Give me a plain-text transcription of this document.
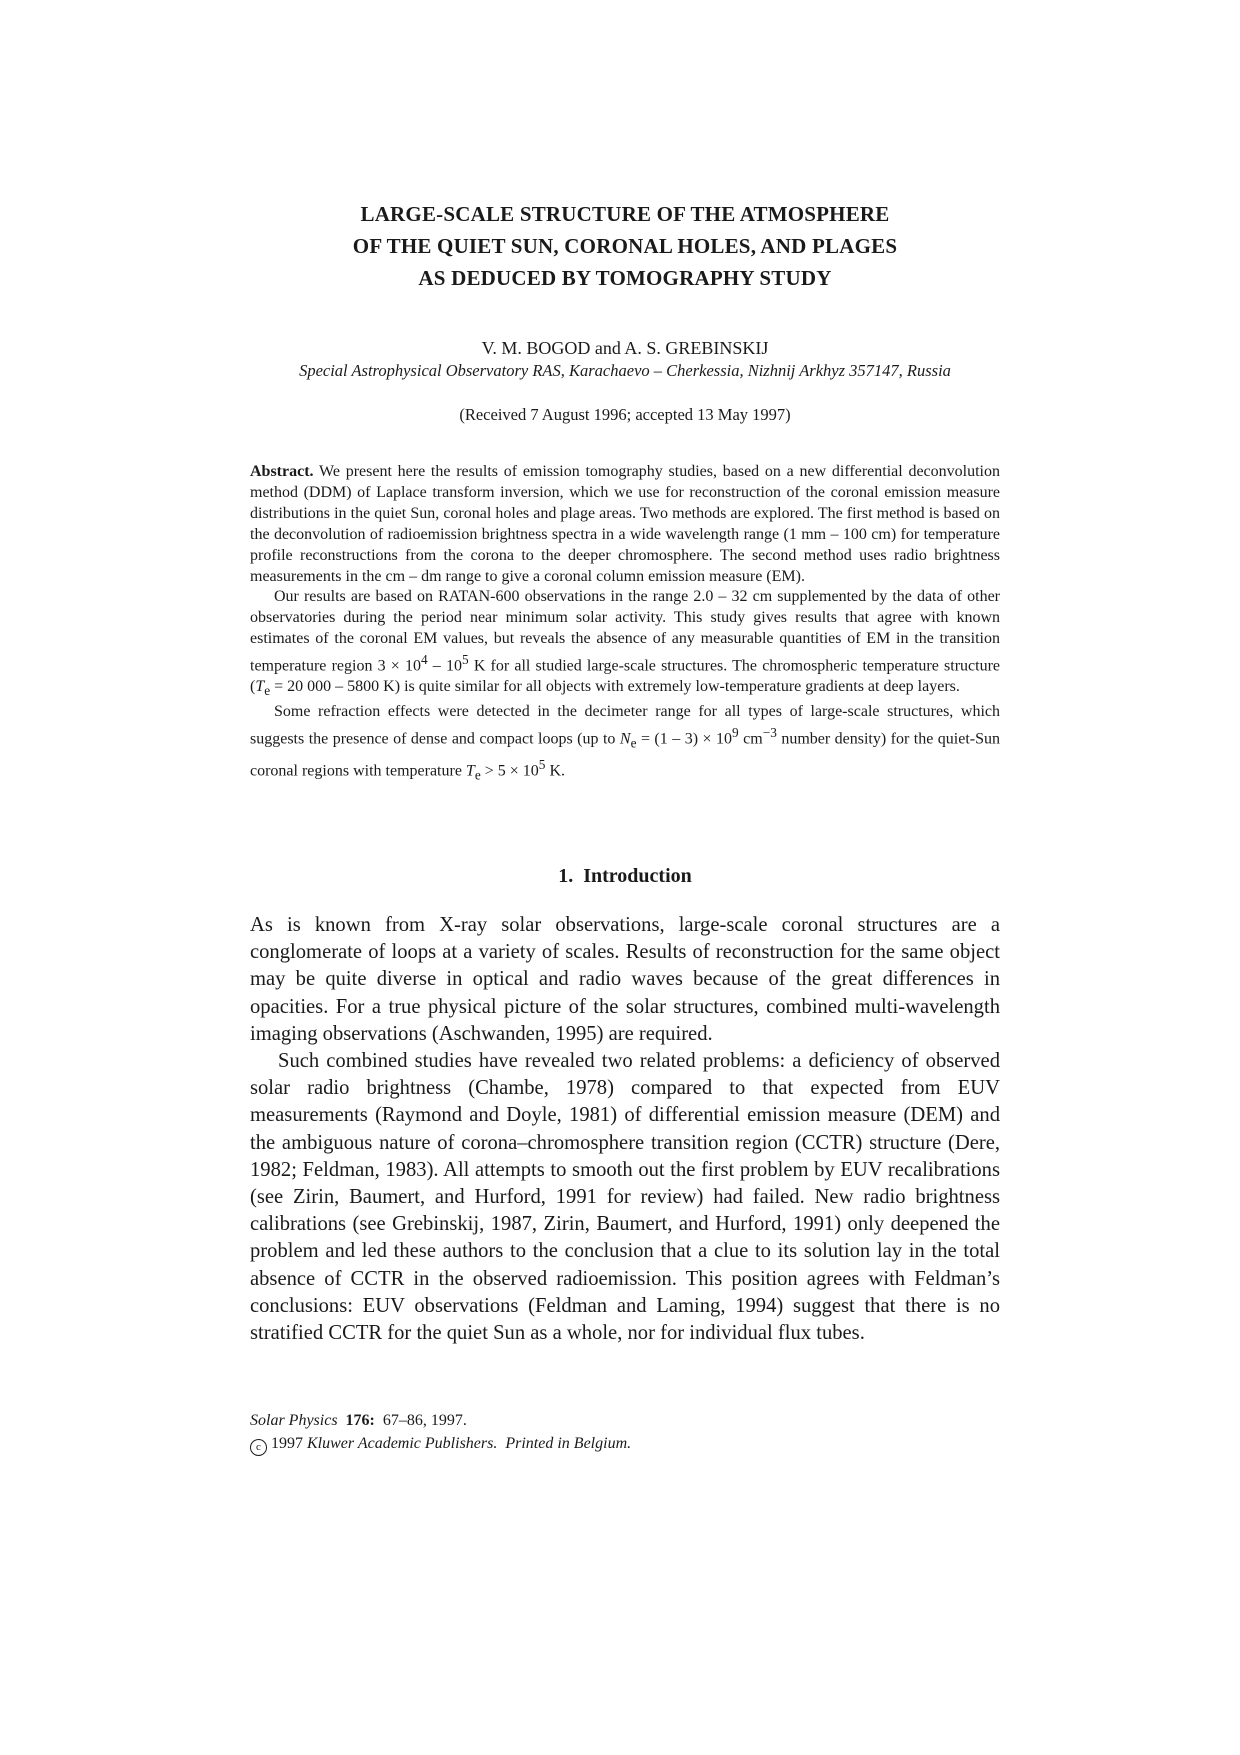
LARGE-SCALE STRUCTURE OF THE ATMOSPHERE
OF THE QUIET SUN, CORONAL HOLES, AND PLAGES
AS DEDUCED BY TOMOGRAPHY STUDY
V. M. BOGOD and A. S. GREBINSKIJ
Special Astrophysical Observatory RAS, Karachaevo – Cherkessia, Nizhnij Arkhyz 357147, Russia
(Received 7 August 1996; accepted 13 May 1997)

Abstract. We present here the results of emission tomography studies, based on a new differential deconvolution method (DDM) of Laplace transform inversion, which we use for reconstruction of the coronal emission measure distributions in the quiet Sun, coronal holes and plage areas. Two methods are explored. The first method is based on the deconvolution of radioemission brightness spectra in a wide wavelength range (1 mm – 100 cm) for temperature profile reconstructions from the corona to the deeper chromosphere. The second method uses radio brightness measurements in the cm – dm range to give a coronal column emission measure (EM).

Our results are based on RATAN-600 observations in the range 2.0 – 32 cm supplemented by the data of other observatories during the period near minimum solar activity. This study gives results that agree with known estimates of the coronal EM values, but reveals the absence of any measurable quantities of EM in the transition temperature region $3 \times 10^4 - 10^5$ K for all studied large-scale structures. The chromospheric temperature structure ($T_e = 20$ 000 – 5800 K) is quite similar for all objects with extremely low-temperature gradients at deep layers.

Some refraction effects were detected in the decimeter range for all types of large-scale structures, which suggests the presence of dense and compact loops (up to $N_e = (1 - 3) \times 10^9$ $cm^{-3}$ number density) for the quiet-Sun coronal regions with temperature $T_e > 5 \times 10^5$ K.

1. Introduction

As is known from X-ray solar observations, large-scale coronal structures are a conglomerate of loops at a variety of scales. Results of reconstruction for the same object may be quite diverse in optical and radio waves because of the great differences in opacities. For a true physical picture of the solar structures, combined multi-wavelength imaging observations (Aschwanden, 1995) are required.

Such combined studies have revealed two related problems: a deficiency of observed solar radio brightness (Chambe, 1978) compared to that expected from EUV measurements (Raymond and Doyle, 1981) of differential emission measure (DEM) and the ambiguous nature of corona–chromosphere transition region (CCTR) structure (Dere, 1982; Feldman, 1983). All attempts to smooth out the first problem by EUV recalibrations (see Zirin, Baumert, and Hurford, 1991 for review) had failed. New radio brightness calibrations (see Grebinskij, 1987, Zirin, Baumert, and Hurford, 1991) only deepened the problem and led these authors to the conclusion that a clue to its solution lay in the total absence of CCTR in the observed radioemission. This position agrees with Feldman’s conclusions: EUV observations (Feldman and Laming, 1994) suggest that there is no stratified CCTR for the quiet Sun as a whole, nor for individual flux tubes.

Solar Physics 176: 67–86, 1997.
c 1997 Kluwer Academic Publishers. Printed in Belgium.
